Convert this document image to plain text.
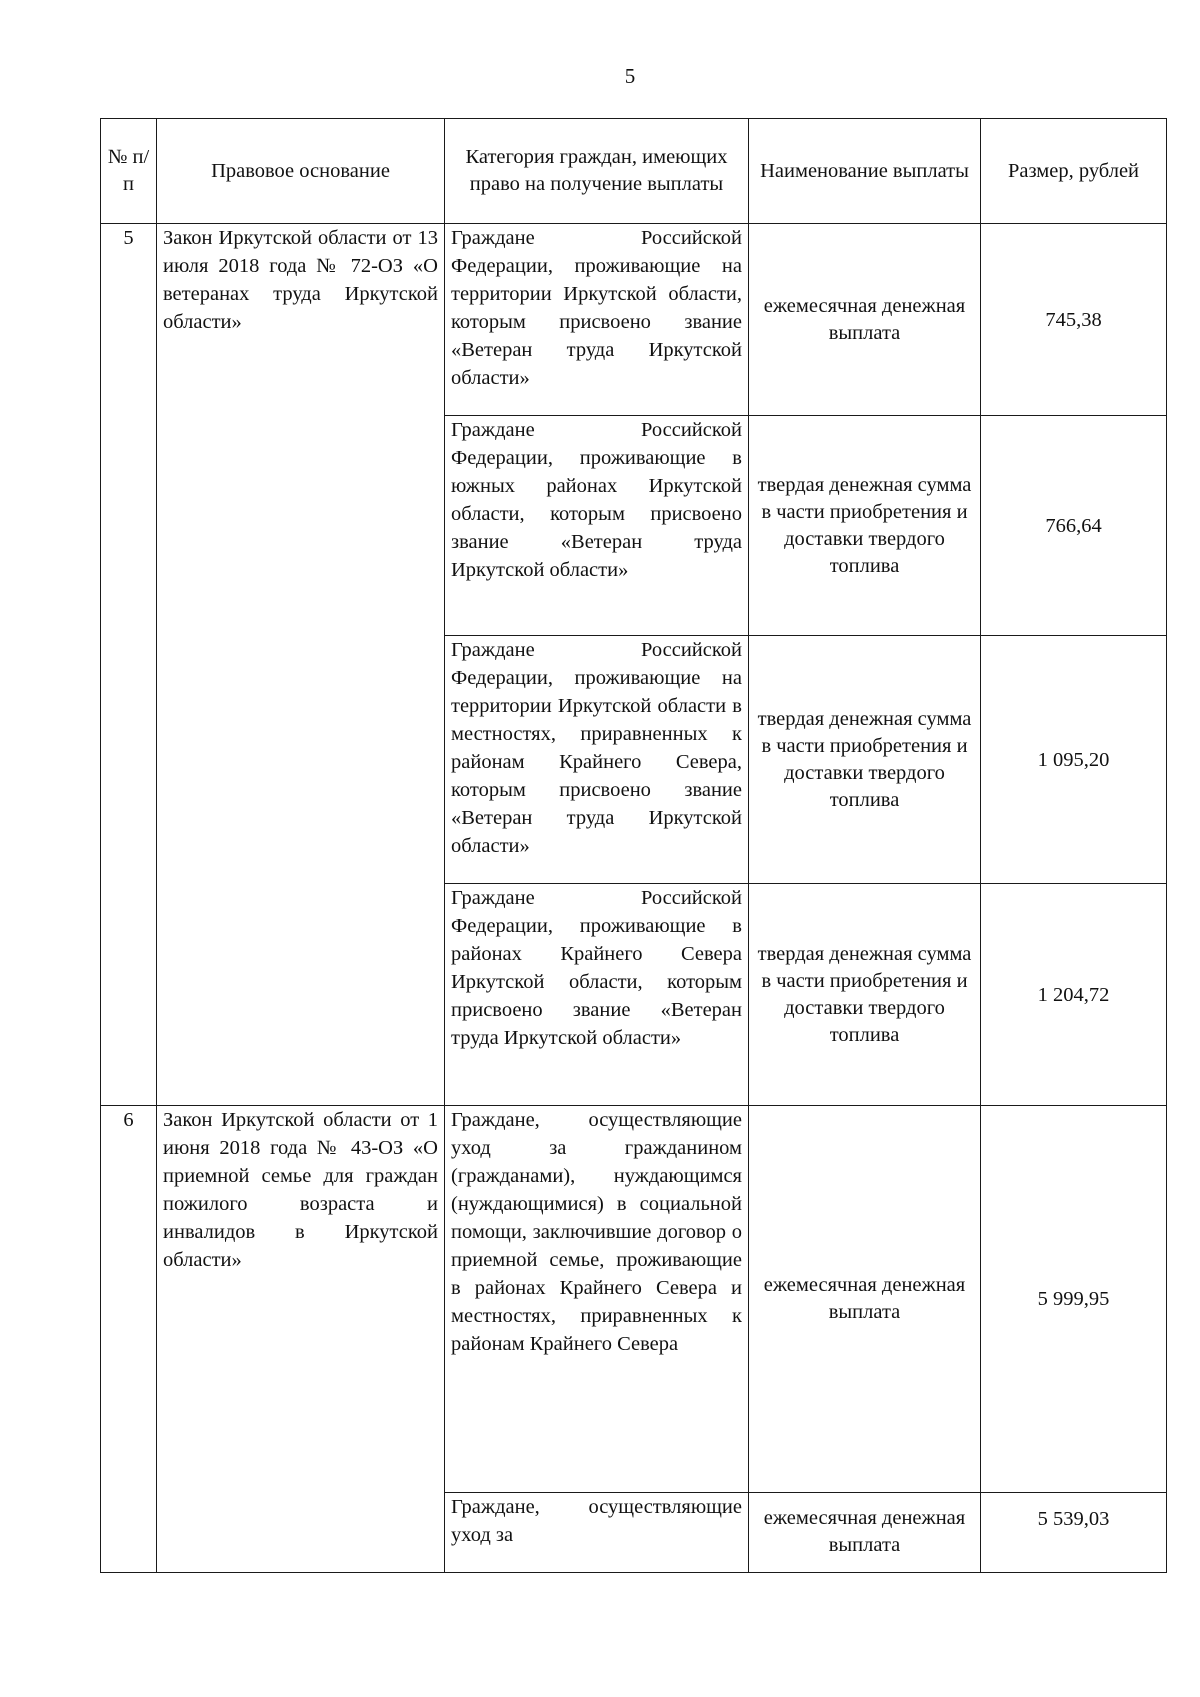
5
№ п/п	Правовое основание	Категория граждан, имеющих право на получение выплаты	Наименование выплаты	Размер, рублей
5	Закон Иркутской области от 13 июля 2018 года № 72-ОЗ «О ветеранах труда Иркутской области»	Граждане Российской Федерации, проживающие на территории Иркутской области, которым присвоено звание «Ветеран труда Иркутской области»	ежемесячная денежная выплата	745,38
		Граждане Российской Федерации, проживающие в южных районах Иркутской области, которым присвоено звание «Ветеран труда Иркутской области»	твердая денежная сумма в части приобретения и доставки твердого топлива	766,64
		Граждане Российской Федерации, проживающие на территории Иркутской области в местностях, приравненных к районам Крайнего Севера, которым присвоено звание «Ветеран труда Иркутской области»	твердая денежная сумма в части приобретения и доставки твердого топлива	1 095,20
		Граждане Российской Федерации, проживающие в районах Крайнего Севера Иркутской области, которым присвоено звание «Ветеран труда Иркутской области»	твердая денежная сумма в части приобретения и доставки твердого топлива	1 204,72
6	Закон Иркутской области от 1 июня 2018 года № 43-ОЗ «О приемной семье для граждан пожилого возраста и инвалидов в Иркутской области»	Граждане, осуществляющие уход за гражданином (гражданами), нуждающимся (нуждающимися) в социальной помощи, заключившие договор о приемной семье, проживающие в районах Крайнего Севера и местностях, приравненных к районам Крайнего Севера	ежемесячная денежная выплата	5 999,95
		Граждане, осуществляющие уход за	ежемесячная денежная выплата	5 539,03
